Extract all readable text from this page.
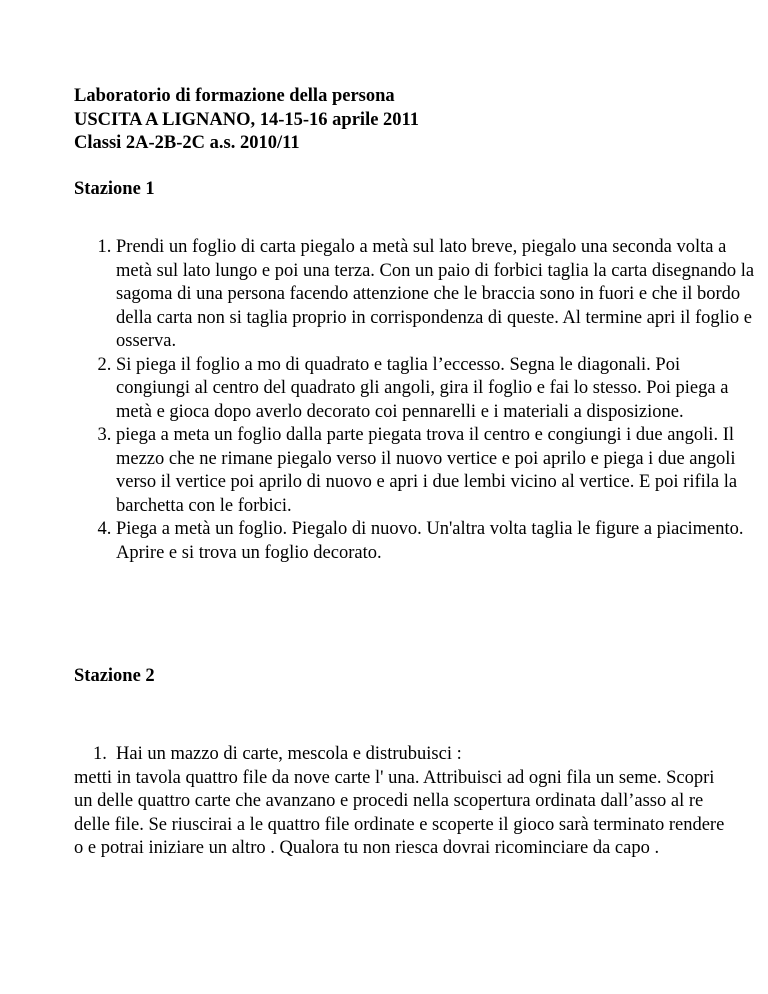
Laboratorio di formazione della persona
USCITA A LIGNANO, 14-15-16 aprile 2011
Classi 2A-2B-2C a.s. 2010/11
Stazione 1
1. Prendi un foglio di carta piegalo a metà sul lato breve, piegalo una seconda volta a metà sul lato lungo e poi una terza. Con un paio di forbici taglia la carta disegnando la sagoma di una persona facendo attenzione che le braccia sono in fuori e che il bordo della carta non si taglia proprio in corrispondenza di queste. Al termine apri il foglio e osserva.
2. Si piega il foglio a mo di quadrato e taglia l’eccesso. Segna le diagonali. Poi congiungi al centro del quadrato gli angoli, gira il foglio e fai lo stesso. Poi piega a metà e gioca dopo averlo decorato coi pennarelli e i materiali a disposizione.
3. piega a meta un foglio dalla parte piegata trova il centro e congiungi i due angoli. Il mezzo che ne rimane piegalo verso il nuovo vertice e poi aprilo e piega i due angoli verso il vertice poi aprilo di nuovo e apri i due lembi vicino al vertice. E poi rifila la barchetta con le forbici.
4. Piega a metà un foglio. Piegalo di nuovo. Un'altra volta taglia le figure a piacimento. Aprire e si trova un foglio decorato.
Stazione 2
1. Hai un mazzo di carte, mescola e distrubuisci :
metti in tavola quattro file da nove carte l' una. Attribuisci ad ogni fila un seme. Scopri un delle quattro carte che avanzano e procedi nella scopertura ordinata dall’asso al re delle file. Se riuscirai a le quattro file ordinate e scoperte il gioco sarà terminato rendere o e potrai iniziare un altro . Qualora tu non riesca dovrai ricominciare da capo .
